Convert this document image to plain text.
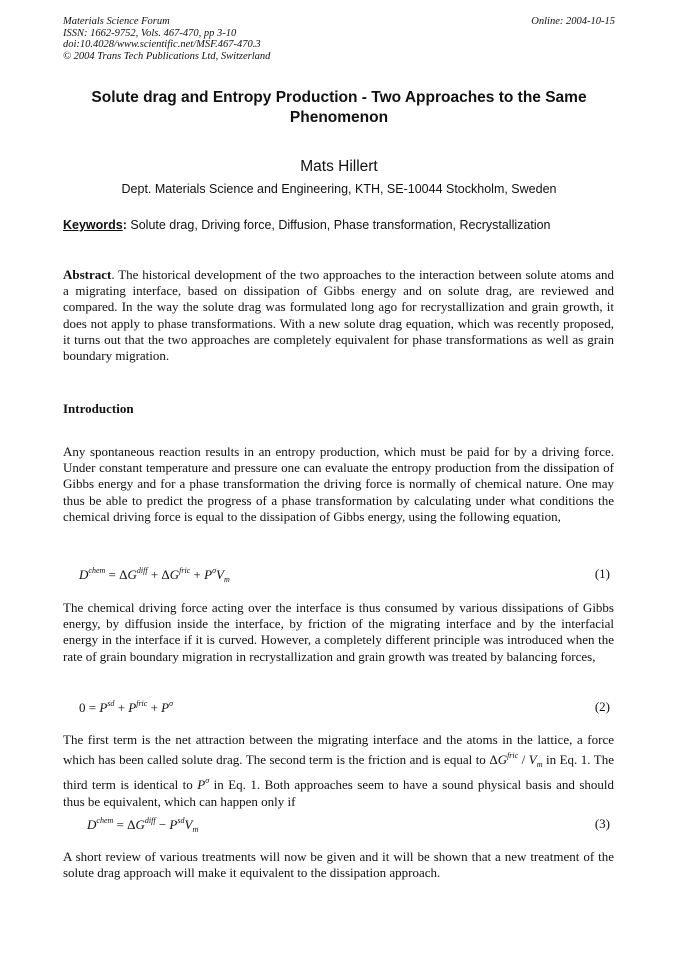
Materials Science Forum
ISSN: 1662-9752, Vols. 467-470, pp 3-10
doi:10.4028/www.scientific.net/MSF.467-470.3
© 2004 Trans Tech Publications Ltd, Switzerland
Online: 2004-10-15
Solute drag and Entropy Production - Two Approaches to the Same Phenomenon
Mats Hillert
Dept. Materials Science and Engineering, KTH, SE-10044 Stockholm, Sweden
Keywords: Solute drag, Driving force, Diffusion, Phase transformation, Recrystallization
Abstract. The historical development of the two approaches to the interaction between solute atoms and a migrating interface, based on dissipation of Gibbs energy and on solute drag, are reviewed and compared. In the way the solute drag was formulated long ago for recrystallization and grain growth, it does not apply to phase transformations. With a new solute drag equation, which was recently proposed, it turns out that the two approaches are completely equivalent for phase transformations as well as grain boundary migration.
Introduction
Any spontaneous reaction results in an entropy production, which must be paid for by a driving force. Under constant temperature and pressure one can evaluate the entropy production from the dissipation of Gibbs energy and for a phase transformation the driving force is normally of chemical nature. One may thus be able to predict the progress of a phase transformation by calculating under what conditions the chemical driving force is equal to the dissipation of Gibbs energy, using the following equation,
$D^{chem} = \Delta G^{diff} + \Delta G^{fric} + P^\sigma V_m$	(1)
The chemical driving force acting over the interface is thus consumed by various dissipations of Gibbs energy, by diffusion inside the interface, by friction of the migrating interface and by the interfacial energy in the interface if it is curved. However, a completely different principle was introduced when the rate of grain boundary migration in recrystallization and grain growth was treated by balancing forces,
$0 = P^{sd} + P^{fric} + P^\sigma$	(2)
The first term is the net attraction between the migrating interface and the atoms in the lattice, a force which has been called solute drag. The second term is the friction and is equal to $\Delta G^{fric} / V_m$ in Eq. 1. The third term is identical to $P^\sigma$ in Eq. 1. Both approaches seem to have a sound physical basis and should thus be equivalent, which can happen only if
$D^{chem} = \Delta G^{diff} - P^{sd}V_m$	(3)
A short review of various treatments will now be given and it will be shown that a new treatment of the solute drag approach will make it equivalent to the dissipation approach.
